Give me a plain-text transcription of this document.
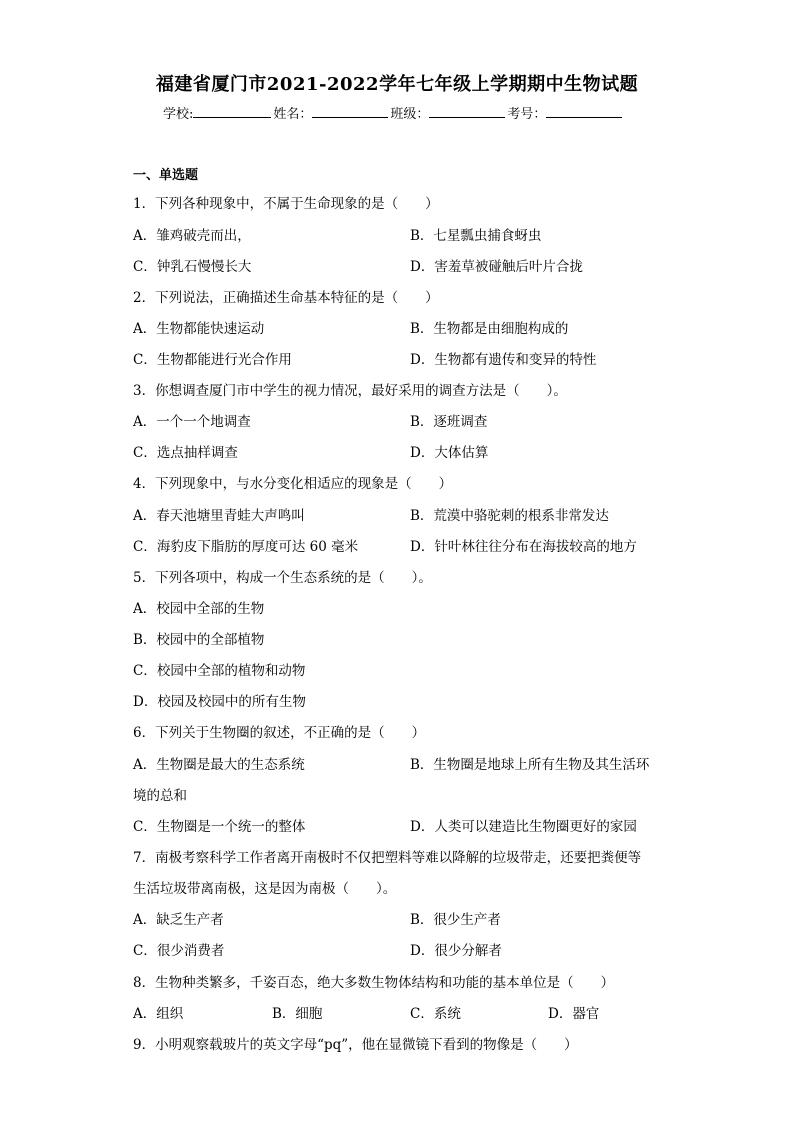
福建省厦门市2021-2022学年七年级上学期期中生物试题
学校:	姓名：	班级：	考号：
一、单选题
1．下列各种现象中，不属于生命现象的是（　　）
A．雏鸡破壳而出，	B．七星瓢虫捕食蚜虫
C．钟乳石慢慢长大	D．害羞草被碰触后叶片合拢
2．下列说法，正确描述生命基本特征的是（　　）
A．生物都能快速运动	B．生物都是由细胞构成的
C．生物都能进行光合作用	D．生物都有遗传和变异的特性
3．你想调查厦门市中学生的视力情况，最好采用的调查方法是（　　）。
A．一个一个地调查	B．逐班调查
C．选点抽样调查	D．大体估算
4．下列现象中，与水分变化相适应的现象是（　　）
A．春天池塘里青蛙大声鸣叫	B．荒漠中骆驼刺的根系非常发达
C．海豹皮下脂肪的厚度可达 60 毫米	D．针叶林往往分布在海拔较高的地方
5．下列各项中，构成一个生态系统的是（　　）。
A．校园中全部的生物
B．校园中的全部植物
C．校园中全部的植物和动物
D．校园及校园中的所有生物
6．下列关于生物圈的叙述，不正确的是（　　）
A．生物圈是最大的生态系统	B．生物圈是地球上所有生物及其生活环
境的总和
C．生物圈是一个统一的整体	D．人类可以建造比生物圈更好的家园
7．南极考察科学工作者离开南极时不仅把塑料等难以降解的垃圾带走，还要把粪便等
生活垃圾带离南极，这是因为南极（　　）。
A．缺乏生产者	B．很少生产者
C．很少消费者	D．很少分解者
8．生物种类繁多，千姿百态，绝大多数生物体结构和功能的基本单位是（　　）
A．组织	B．细胞	C．系统	D．器官
9．小明观察载玻片的英文字母“pq”，他在显微镜下看到的物像是（　　）
